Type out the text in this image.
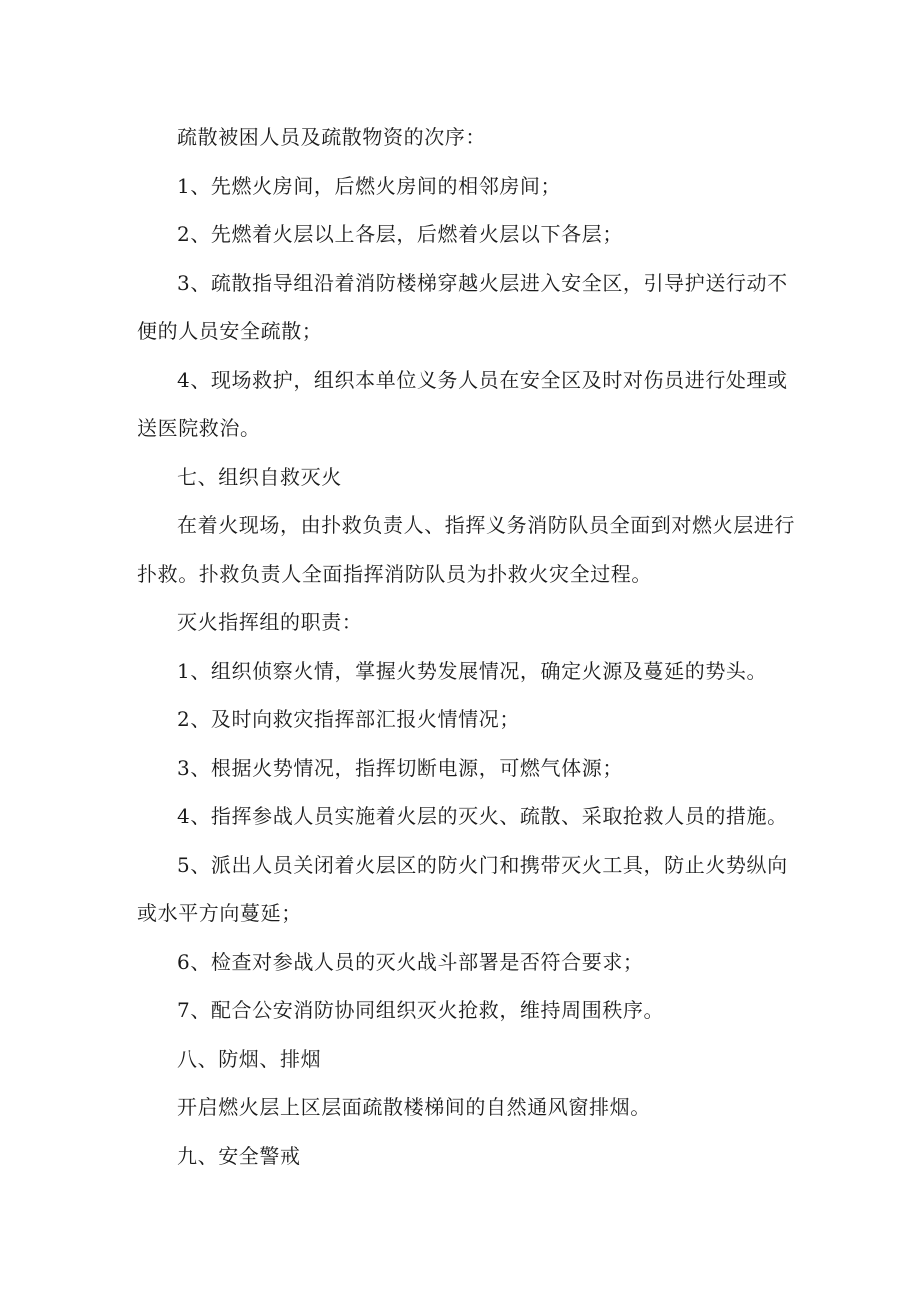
疏散被困人员及疏散物资的次序：

1、先燃火房间，后燃火房间的相邻房间；

2、先燃着火层以上各层，后燃着火层以下各层；

3、疏散指导组沿着消防楼梯穿越火层进入安全区，引导护送行动不便的人员安全疏散；

4、现场救护，组织本单位义务人员在安全区及时对伤员进行处理或送医院救治。

七、组织自救灭火

在着火现场，由扑救负责人、指挥义务消防队员全面到对燃火层进行扑救。扑救负责人全面指挥消防队员为扑救火灾全过程。

灭火指挥组的职责：

1、组织侦察火情，掌握火势发展情况，确定火源及蔓延的势头。

2、及时向救灾指挥部汇报火情情况；

3、根据火势情况，指挥切断电源，可燃气体源；

4、指挥参战人员实施着火层的灭火、疏散、采取抢救人员的措施。

5、派出人员关闭着火层区的防火门和携带灭火工具，防止火势纵向或水平方向蔓延；

6、检查对参战人员的灭火战斗部署是否符合要求；

7、配合公安消防协同组织灭火抢救，维持周围秩序。

八、防烟、排烟

开启燃火层上区层面疏散楼梯间的自然通风窗排烟。

九、安全警戒
